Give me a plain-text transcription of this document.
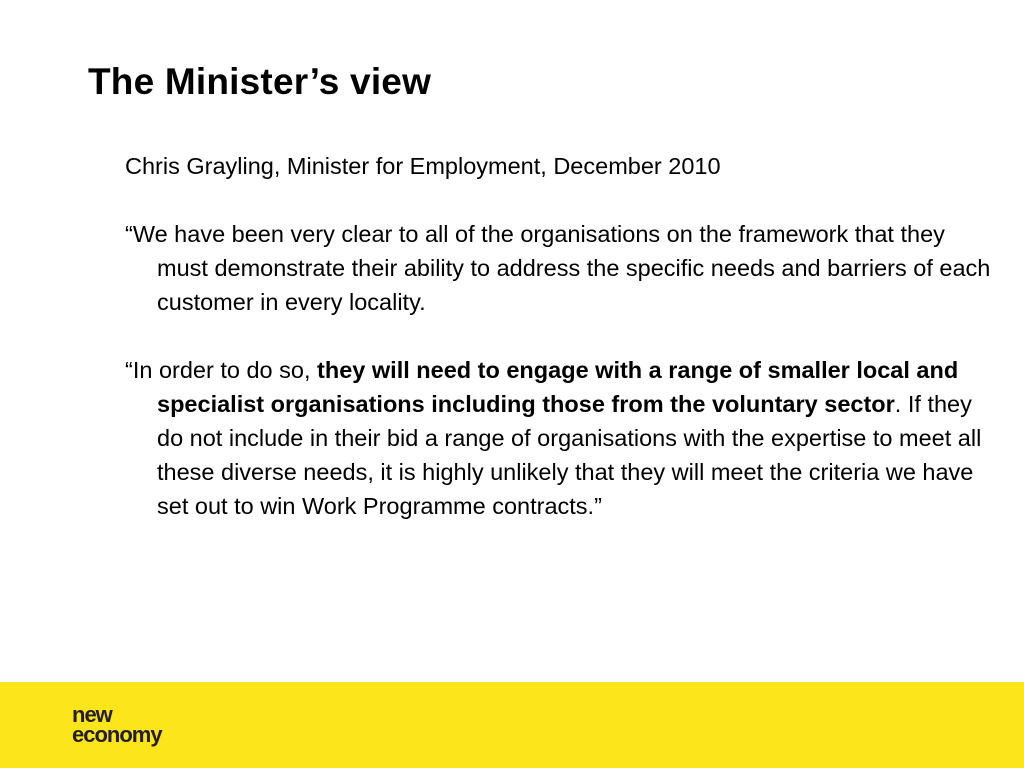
The Minister’s view

Chris Grayling, Minister for Employment, December 2010

“We have been very clear to all of the organisations on the framework that they must demonstrate their ability to address the specific needs and barriers of each customer in every locality.

“In order to do so, they will need to engage with a range of smaller local and specialist organisations including those from the voluntary sector. If they do not include in their bid a range of organisations with the expertise to meet all these diverse needs, it is highly unlikely that they will meet the criteria we have set out to win Work Programme contracts.”

new
economy
